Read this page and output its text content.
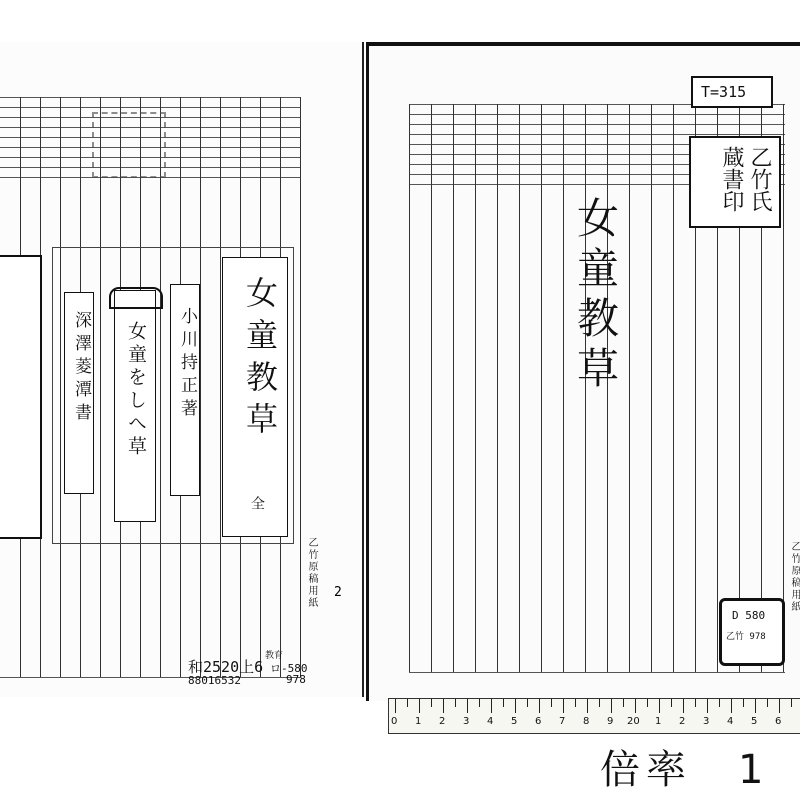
女童教草
全
小川持正著
女童をしへ草
深澤菱潭書
乙竹原稿用紙 2
和2520上6
88016532
教育
ロ-580
978
T=315
乙竹氏蔵書印
女童教草
乙竹原稿用紙
D 580
乙竹 978
0 1 2 3 4 5 6 7 8 9 20 1 2 3 4 5 6
倍率　1
